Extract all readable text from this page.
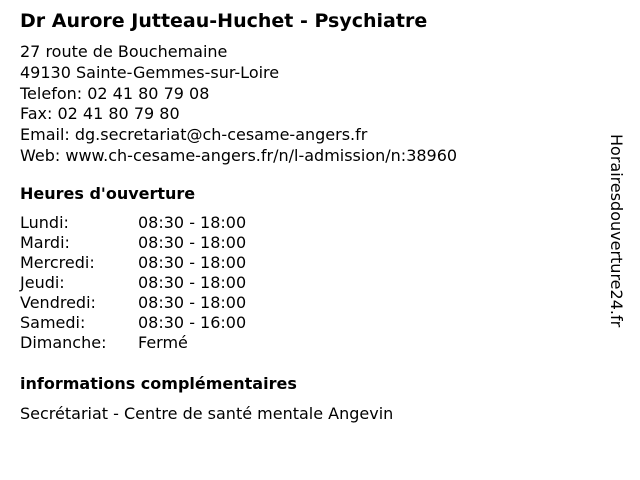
Dr Aurore Jutteau-Huchet - Psychiatre
27 route de Bouchemaine
49130 Sainte-Gemmes-sur-Loire
Telefon: 02 41 80 79 08
Fax: 02 41 80 79 80
Email: dg.secretariat@ch-cesame-angers.fr
Web: www.ch-cesame-angers.fr/n/l-admission/n:38960
Heures d'ouverture
Lundi:	08:30 - 18:00
Mardi:	08:30 - 18:00
Mercredi:	08:30 - 18:00
Jeudi:	08:30 - 18:00
Vendredi:	08:30 - 18:00
Samedi:	08:30 - 16:00
Dimanche:	Fermé
informations complémentaires
Secrétariat - Centre de santé mentale Angevin
Horairesdouverture24.fr
